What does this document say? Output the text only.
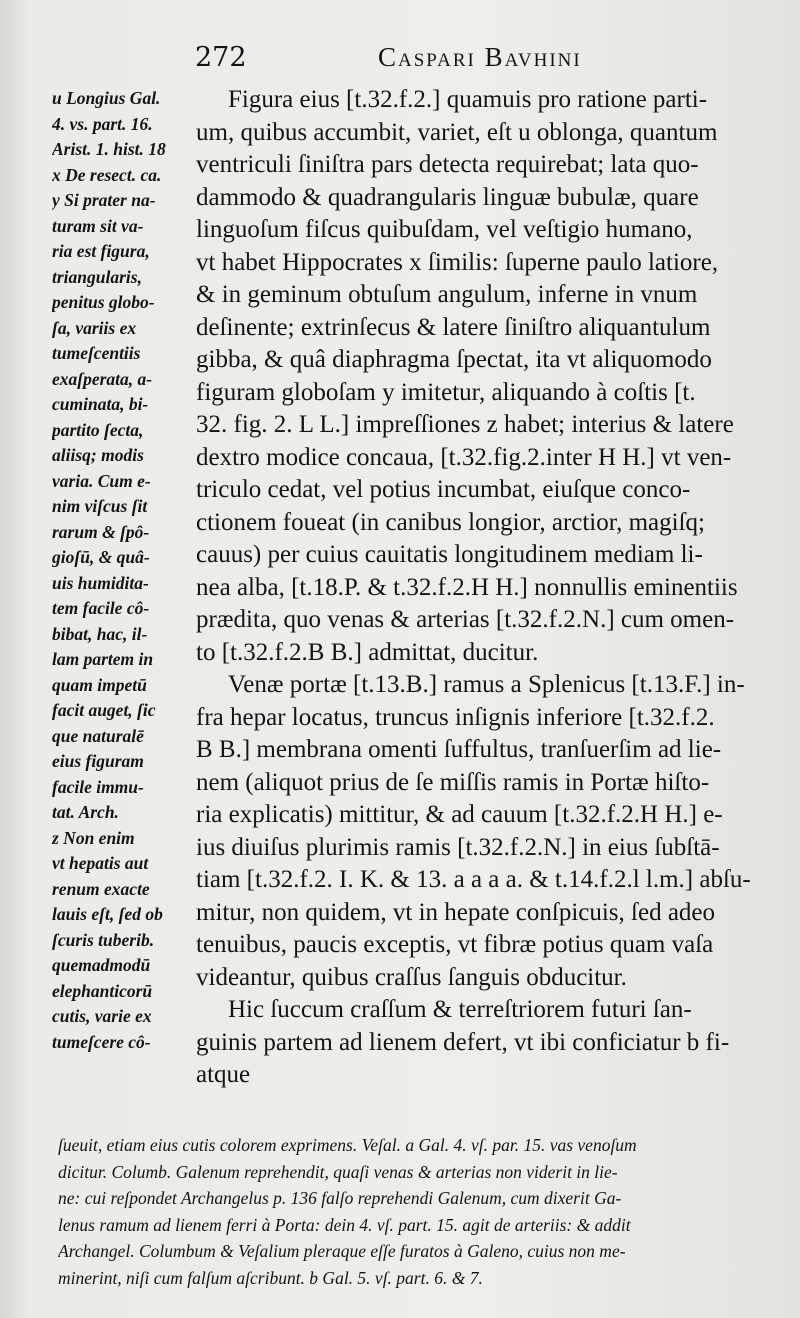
272	Caspari Bavhini
u Longius Gal.
4. vs. part. 16.
Arist. 1. hist. 18
x De resect. ca.
y Si prater na-
turam sit va-
ria est figura,
triangularis,
penitus globo-
ſa, variis ex
tumeſcentiis
exaſperata, a-
cuminata, bi-
partito ſecta,
aliisq; modis
varia. Cum e-
nim viſcus ſit
rarum & ſpô-
gioſū, & quâ-
uis humidita-
tem facile cô-
bibat, hac, il-
lam partem in
quam impetū
facit auget, ſic
que naturalē
eius figuram
facile immu-
tat. Arch.
z Non enim
vt hepatis aut
renum exacte
lauis eſt, ſed ob
ſcuris tuberib.
quemadmodū
elephanticorū
cutis, varie ex
tumeſcere cô-
Figura eius [t.32.f.2.] quamuis pro ratione parti-
um, quibus accumbit, variet, eſt u oblonga, quantum
ventriculi ſiniſtra pars detecta requirebat; lata quo-
dammodo & quadrangularis linguæ bubulæ, quare
linguoſum fiſcus quibuſdam, vel veſtigio humano,
vt habet Hippocrates x ſimilis: ſuperne paulo latiore,
& in geminum obtuſum angulum, inferne in vnum
deſinente; extrinſecus & latere ſiniſtro aliquantulum
gibba, & quâ diaphragma ſpectat, ita vt aliquomodo
figuram globoſam y imitetur, aliquando à coſtis [t.
32. fig. 2. L L.] impreſſiones z habet; interius & latere
dextro modice concaua, [t.32.fig.2.inter H H.] vt ven-
triculo cedat, vel potius incumbat, eiuſque conco-
ctionem foueat (in canibus longior, arctior, magiſq;
cauus) per cuius cauitatis longitudinem mediam li-
nea alba, [t.18.P. & t.32.f.2.H H.] nonnullis eminentiis
prædita, quo venas & arterias [t.32.f.2.N.] cum omen-
to [t.32.f.2.B B.] admittat, ducitur.
Venæ portæ [t.13.B.] ramus a Splenicus [t.13.F.] in-
fra hepar locatus, truncus inſignis inferiore [t.32.f.2.
B B.] membrana omenti ſuffultus, tranſuerſim ad lie-
nem (aliquot prius de ſe miſſis ramis in Portæ hiſto-
ria explicatis) mittitur, & ad cauum [t.32.f.2.H H.] e-
ius diuiſus plurimis ramis [t.32.f.2.N.] in eius ſubſtā-
tiam [t.32.f.2. I. K. & 13. a a a a. & t.14.f.2.l l.m.] abſu-
mitur, non quidem, vt in hepate conſpicuis, ſed adeo
tenuibus, paucis exceptis, vt fibræ potius quam vaſa
videantur, quibus craſſus ſanguis obducitur.
Hic ſuccum craſſum & terreſtriorem futuri ſan-
guinis partem ad lienem defert, vt ibi conficiatur b fi-
atque
ſueuit, etiam eius cutis colorem exprimens. Veſal. a Gal. 4. vſ. par. 15. vas venoſum
dicitur. Columb. Galenum reprehendit, quaſi venas & arterias non viderit in lie-
ne: cui reſpondet Archangelus p. 136 falſo reprehendi Galenum, cum dixerit Ga-
lenus ramum ad lienem ferri à Porta: dein 4. vſ. part. 15. agit de arteriis: & addit
Archangel. Columbum & Veſalium pleraque eſſe furatos à Galeno, cuius non me-
minerint, niſi cum falſum aſcribunt. b Gal. 5. vſ. part. 6. & 7.
